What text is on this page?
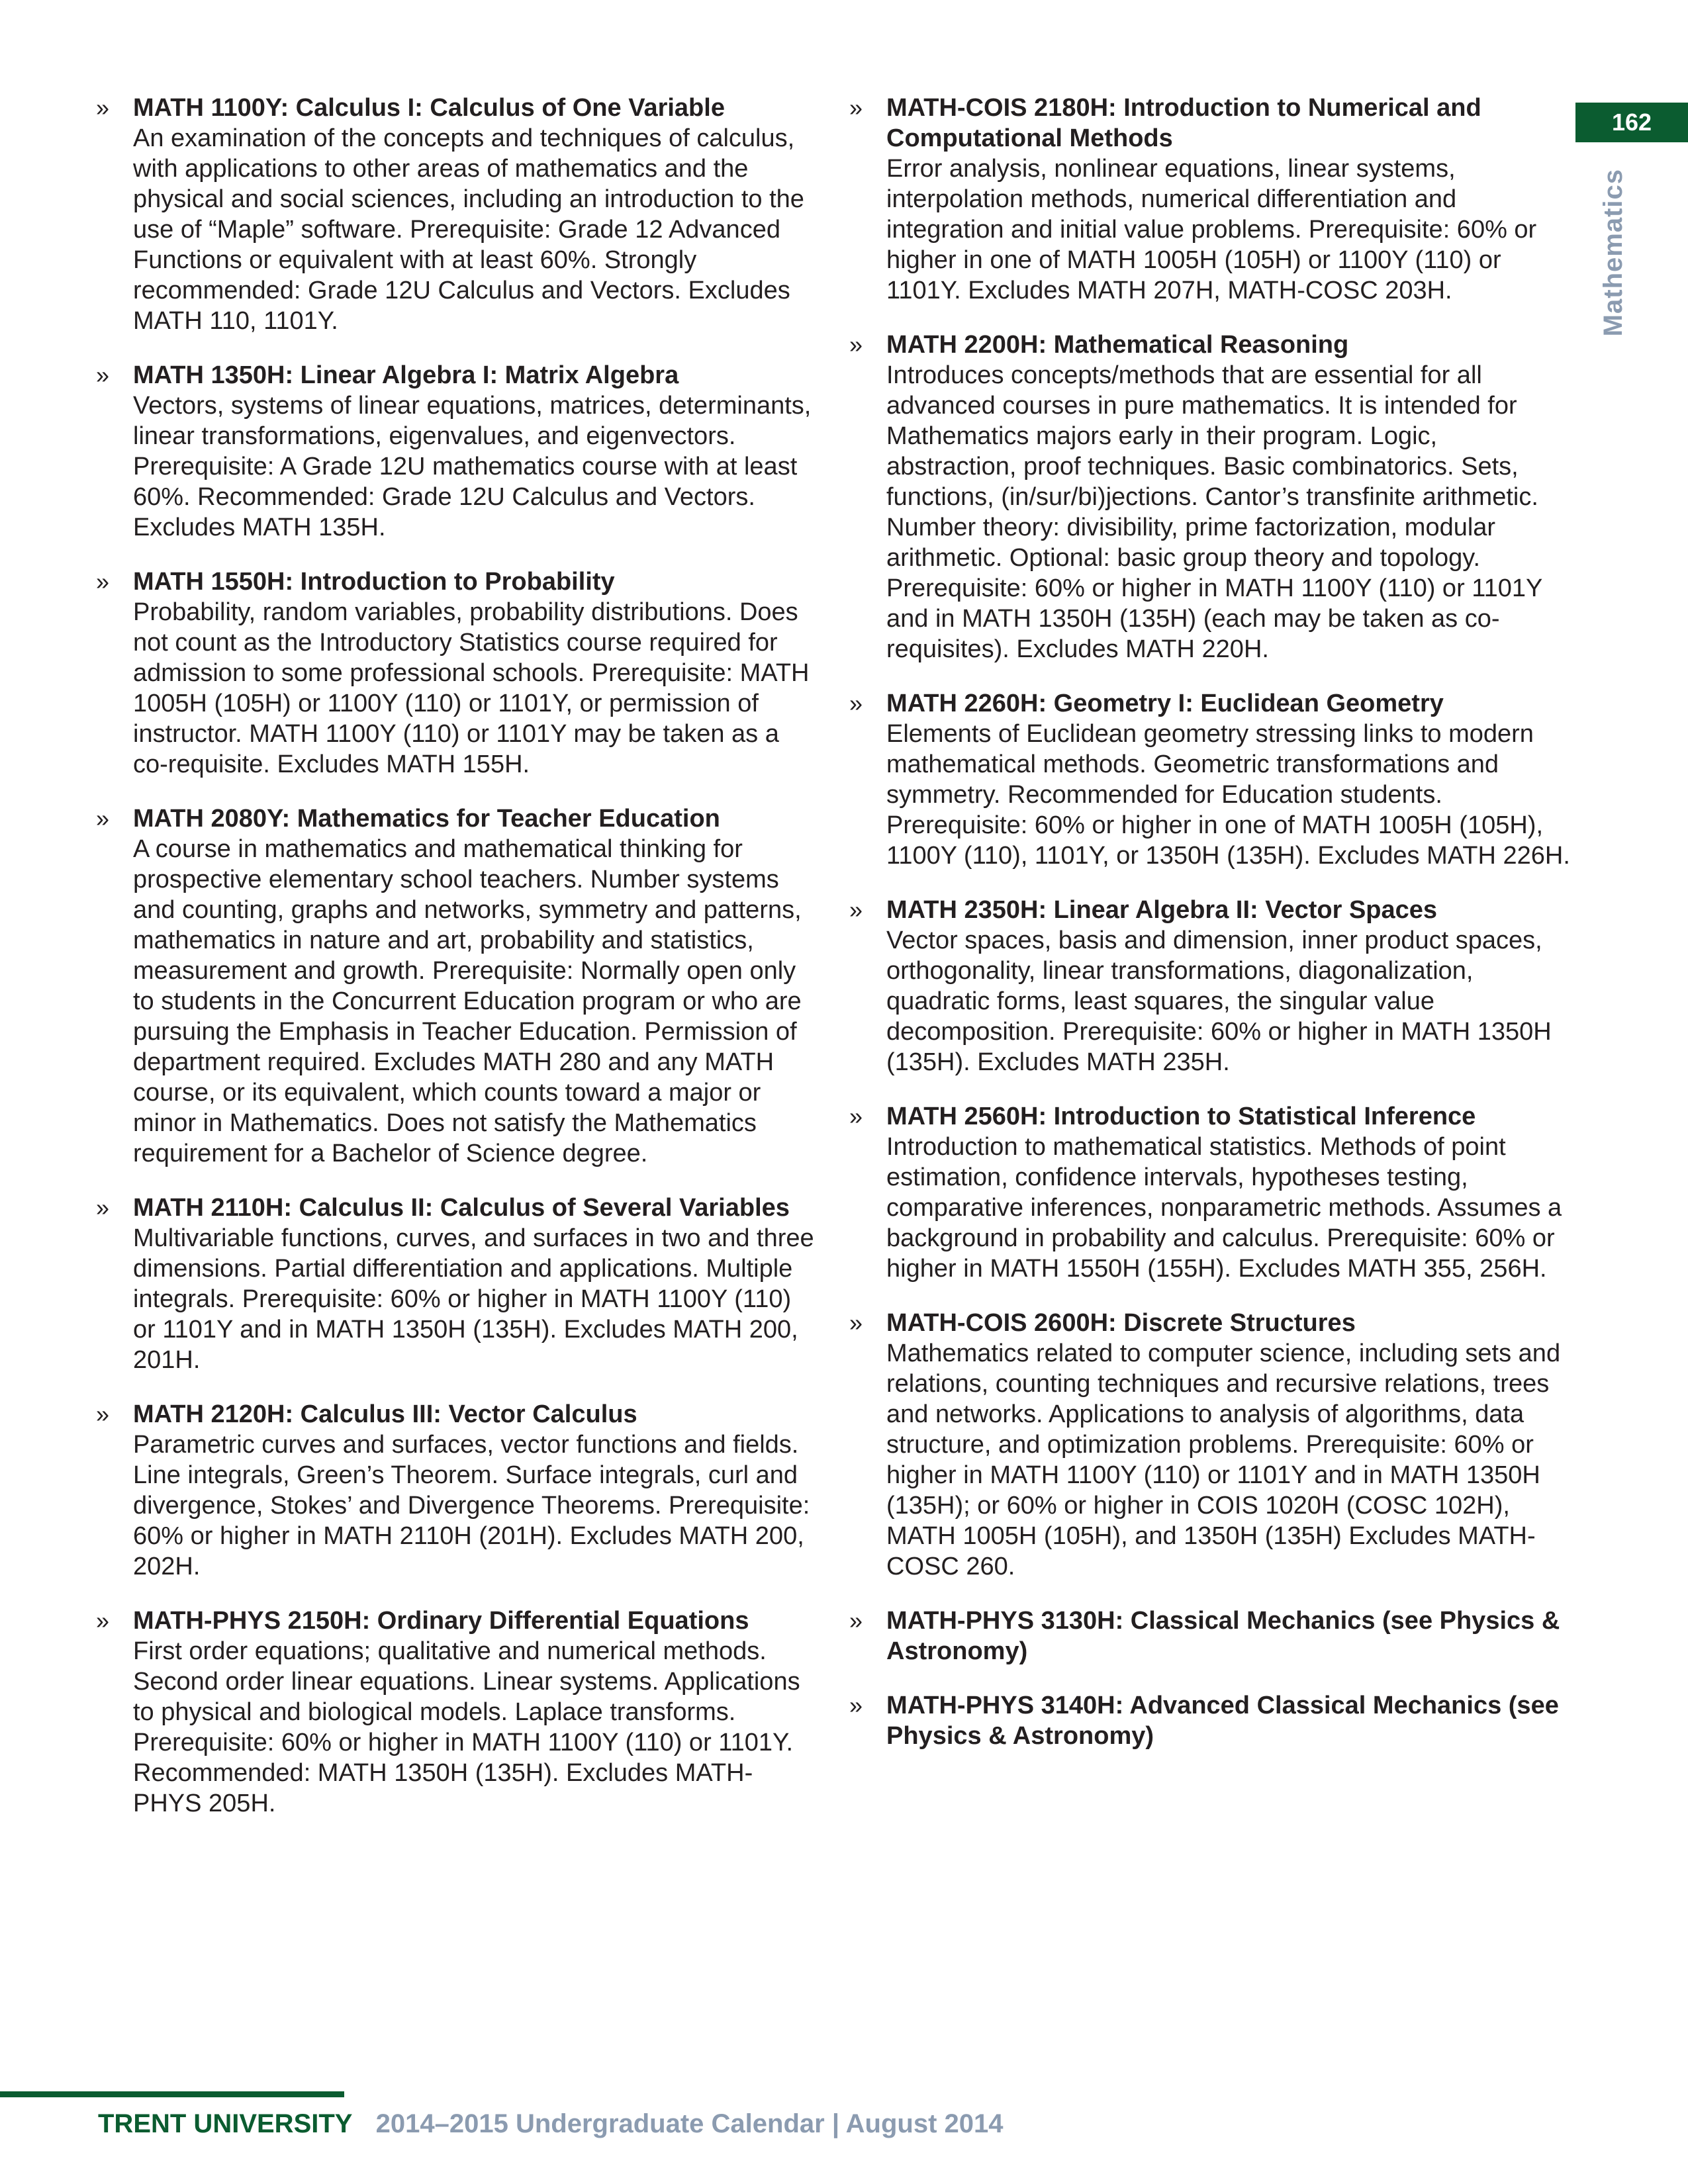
162
Mathematics
» MATH 1100Y: Calculus I: Calculus of One Variable
An examination of the concepts and techniques of calculus, with applications to other areas of mathematics and the physical and social sciences, including an introduction to the use of “Maple” software. Prerequisite: Grade 12 Advanced Functions or equivalent with at least 60%. Strongly recommended: Grade 12U Calculus and Vectors. Excludes MATH 110, 1101Y.
» MATH 1350H: Linear Algebra I: Matrix Algebra
Vectors, systems of linear equations, matrices, determinants, linear transformations, eigenvalues, and eigenvectors. Prerequisite: A Grade 12U mathematics course with at least 60%. Recommended: Grade 12U Calculus and Vectors. Excludes MATH 135H.
» MATH 1550H: Introduction to Probability
Probability, random variables, probability distributions. Does not count as the Introductory Statistics course required for admission to some professional schools. Prerequisite: MATH 1005H (105H) or 1100Y (110) or 1101Y, or permission of instructor. MATH 1100Y (110) or 1101Y may be taken as a co-requisite. Excludes MATH 155H.
» MATH 2080Y: Mathematics for Teacher Education
A course in mathematics and mathematical thinking for prospective elementary school teachers. Number systems and counting, graphs and networks, symmetry and patterns, mathematics in nature and art, probability and statistics, measurement and growth. Prerequisite: Normally open only to students in the Concurrent Education program or who are pursuing the Emphasis in Teacher Education. Permission of department required. Excludes MATH 280 and any MATH course, or its equivalent, which counts toward a major or minor in Mathematics. Does not satisfy the Mathematics requirement for a Bachelor of Science degree.
» MATH 2110H: Calculus II: Calculus of Several Variables
Multivariable functions, curves, and surfaces in two and three dimensions. Partial differentiation and applications. Multiple integrals. Prerequisite: 60% or higher in MATH 1100Y (110) or 1101Y and in MATH 1350H (135H). Excludes MATH 200, 201H.
» MATH 2120H: Calculus III: Vector Calculus
Parametric curves and surfaces, vector functions and fields. Line integrals, Green’s Theorem. Surface integrals, curl and divergence, Stokes’ and Divergence Theorems. Prerequisite: 60% or higher in MATH 2110H (201H). Excludes MATH 200, 202H.
» MATH-PHYS 2150H: Ordinary Differential Equations
First order equations; qualitative and numerical methods. Second order linear equations. Linear systems. Applications to physical and biological models. Laplace transforms. Prerequisite: 60% or higher in MATH 1100Y (110) or 1101Y. Recommended: MATH 1350H (135H). Excludes MATH-PHYS 205H.
» MATH-COIS 2180H: Introduction to Numerical and Computational Methods
Error analysis, nonlinear equations, linear systems, interpolation methods, numerical differentiation and integration and initial value problems. Prerequisite: 60% or higher in one of MATH 1005H (105H) or 1100Y (110) or 1101Y. Excludes MATH 207H, MATH-COSC 203H.
» MATH 2200H: Mathematical Reasoning
Introduces concepts/methods that are essential for all advanced courses in pure mathematics. It is intended for Mathematics majors early in their program. Logic, abstraction, proof techniques. Basic combinatorics. Sets, functions, (in/sur/bi)jections. Cantor’s transfinite arithmetic. Number theory: divisibility, prime factorization, modular arithmetic. Optional: basic group theory and topology. Prerequisite: 60% or higher in MATH 1100Y (110) or 1101Y and in MATH 1350H (135H) (each may be taken as co-requisites). Excludes MATH 220H.
» MATH 2260H: Geometry I: Euclidean Geometry
Elements of Euclidean geometry stressing links to modern mathematical methods. Geometric transformations and symmetry. Recommended for Education students. Prerequisite: 60% or higher in one of MATH 1005H (105H), 1100Y (110), 1101Y, or 1350H (135H). Excludes MATH 226H.
» MATH 2350H: Linear Algebra II: Vector Spaces
Vector spaces, basis and dimension, inner product spaces, orthogonality, linear transformations, diagonalization, quadratic forms, least squares, the singular value decomposition. Prerequisite: 60% or higher in MATH 1350H (135H). Excludes MATH 235H.
» MATH 2560H: Introduction to Statistical Inference
Introduction to mathematical statistics. Methods of point estimation, confidence intervals, hypotheses testing, comparative inferences, nonparametric methods. Assumes a background in probability and calculus. Prerequisite: 60% or higher in MATH 1550H (155H). Excludes MATH 355, 256H.
» MATH-COIS 2600H: Discrete Structures
Mathematics related to computer science, including sets and relations, counting techniques and recursive relations, trees and networks. Applications to analysis of algorithms, data structure, and optimization problems. Prerequisite: 60% or higher in MATH 1100Y (110) or 1101Y and in MATH 1350H (135H); or 60% or higher in COIS 1020H (COSC 102H), MATH 1005H (105H), and 1350H (135H) Excludes MATH-COSC 260.
» MATH-PHYS 3130H: Classical Mechanics (see Physics & Astronomy)
» MATH-PHYS 3140H: Advanced Classical Mechanics (see Physics & Astronomy)
TRENT UNIVERSITY 2014–2015 Undergraduate Calendar | August 2014
